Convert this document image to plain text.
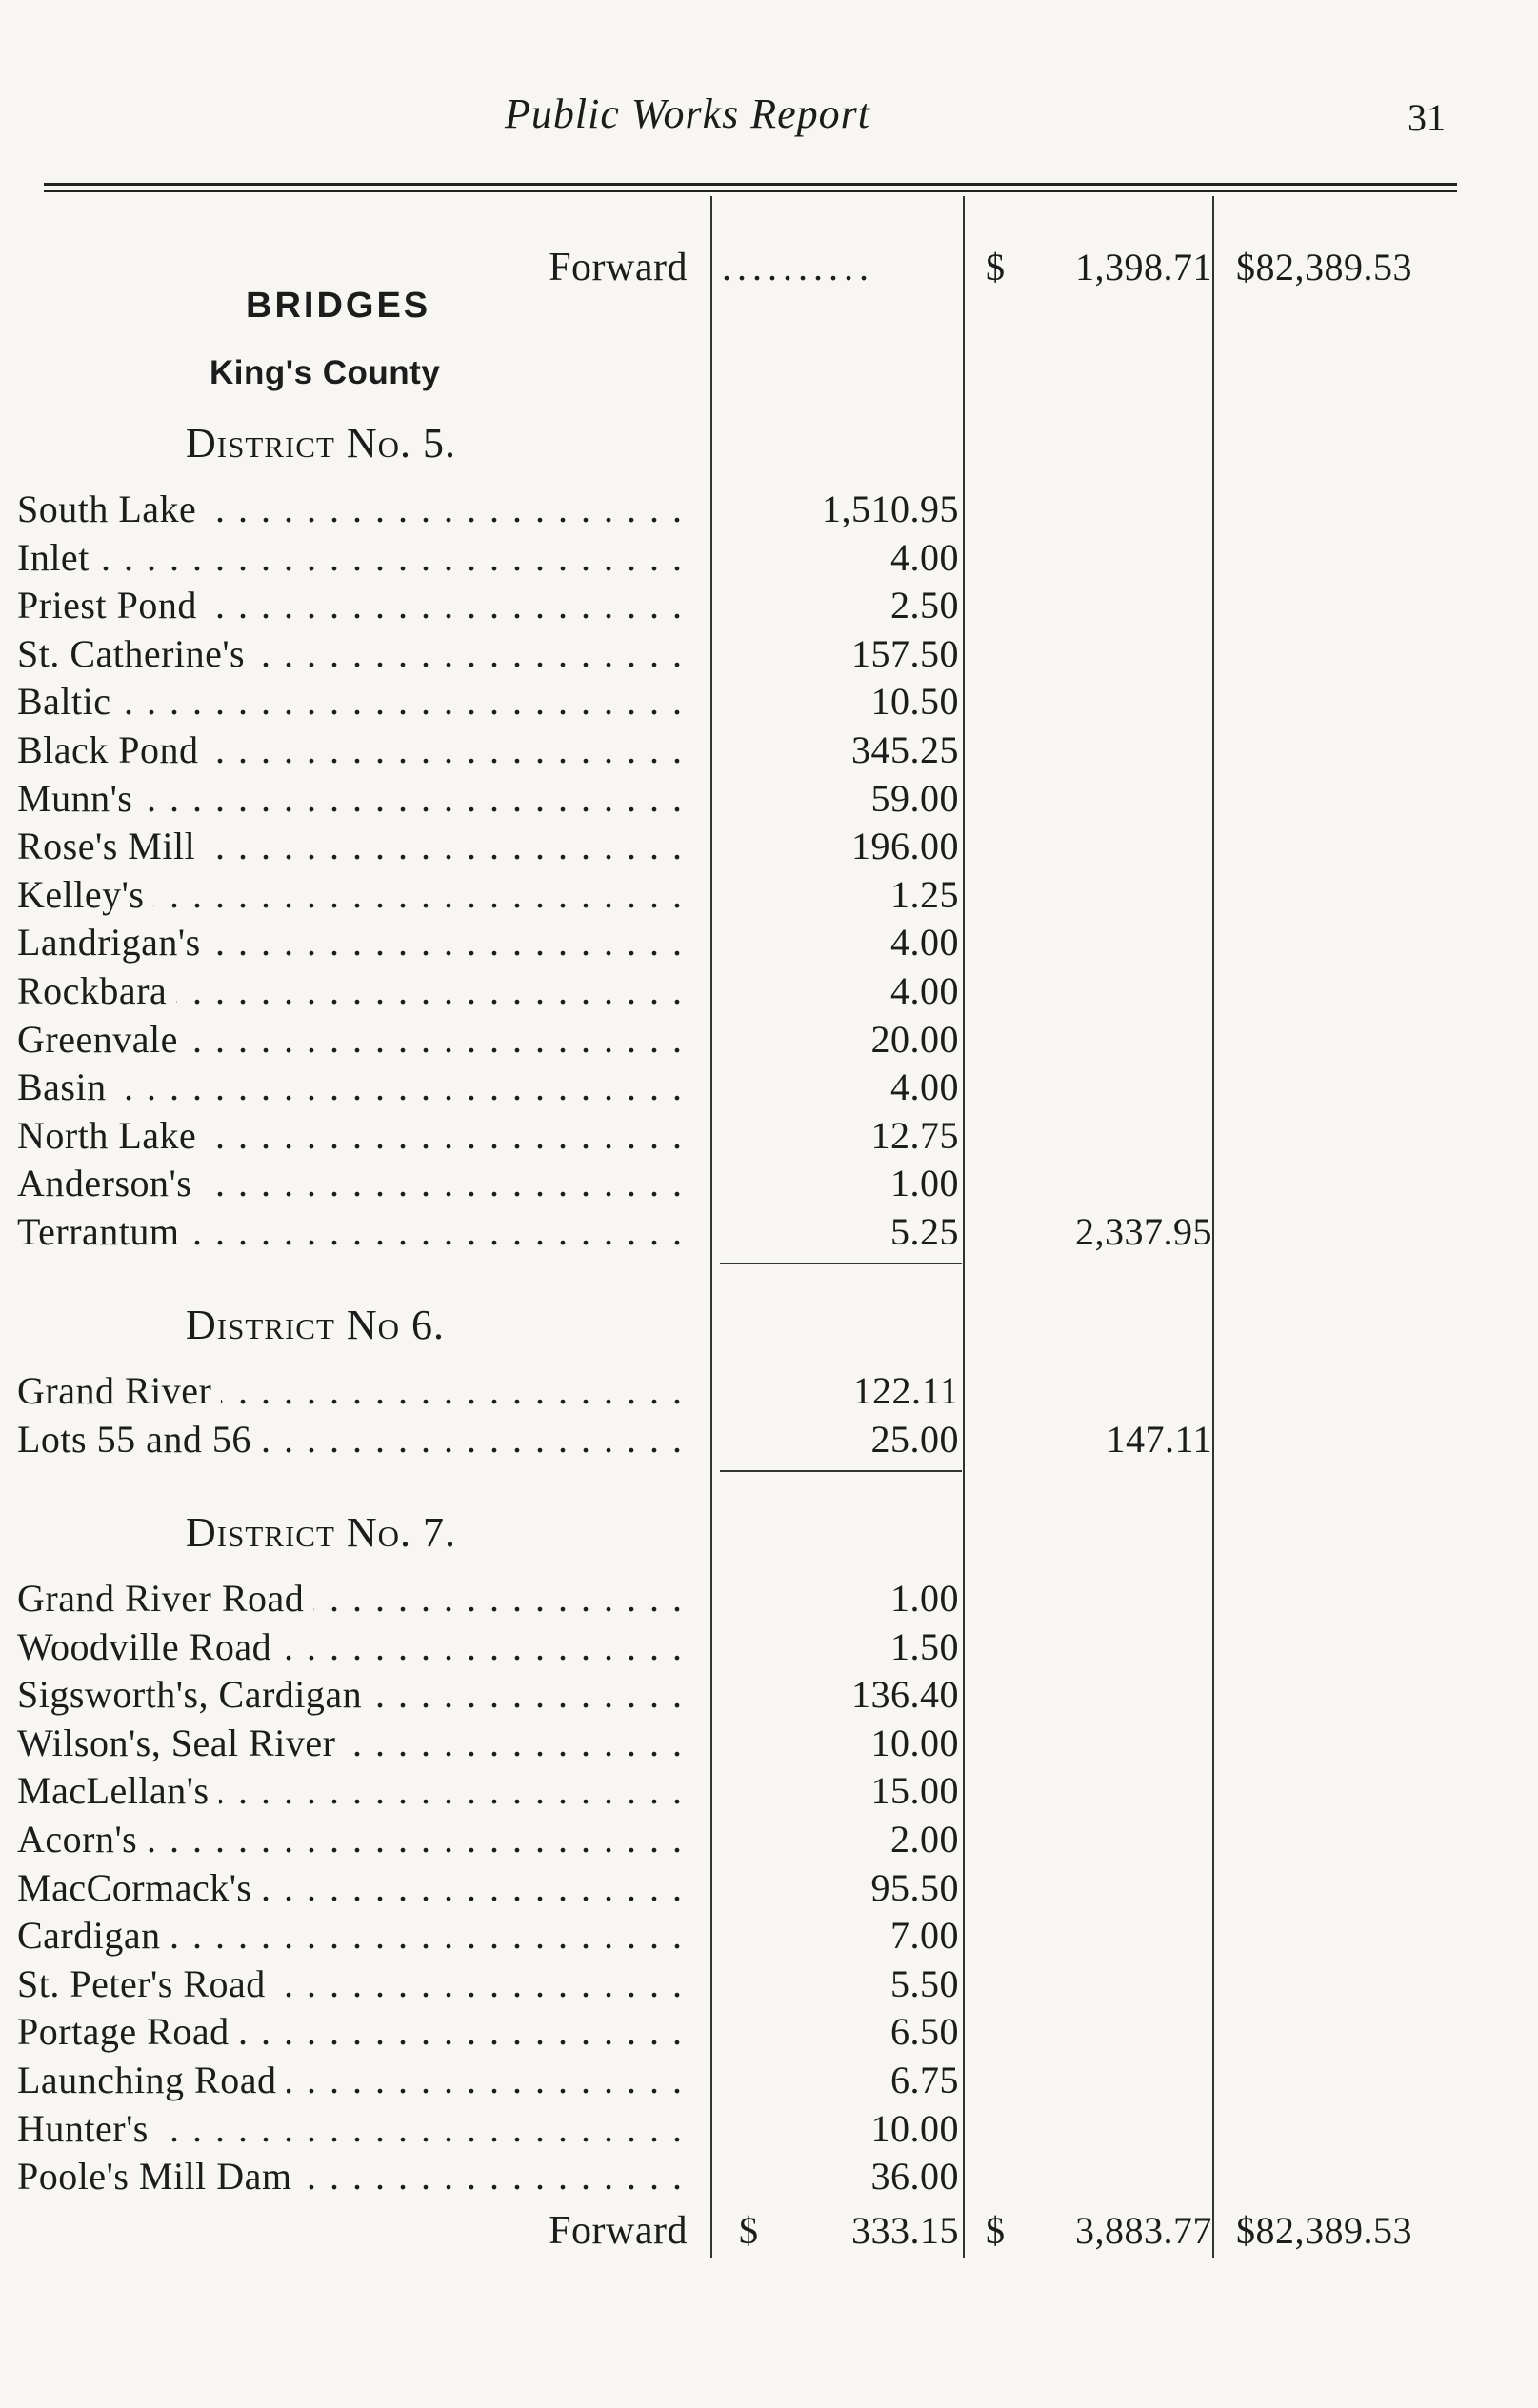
Public Works Report	31
Forward ..........	$ 1,398.71 $82,389.53
BRIDGES
King's County
District No. 5.
South Lake . . .	1,510.95
Inlet . . .	4.00
Priest Pond . . .	2.50
St. Catherine's . . .	157.50
Baltic . . .	10.50
Black Pond . . .	345.25
Munn's . . .	59.00
Rose's Mill . . .	196.00
Kelley's . . .	1.25
Landrigan's . . .	4.00
Rockbara . . .	4.00
Greenvale . . .	20.00
Basin . . .	4.00
North Lake . . .	12.75
Anderson's . . .	1.00
Terrantum . . .	5.25	2,337.95
District No 6.
Grand River . . .	122.11
Lots 55 and 56 . . .	25.00	147.11
District No. 7.
Grand River Road . . .	1.00
Woodville Road . . .	1.50
Sigsworth's, Cardigan . . .	136.40
Wilson's, Seal River . . .	10.00
MacLellan's . . .	15.00
Acorn's . . .	2.00
MacCormack's . . .	95.50
Cardigan . . .	7.00
St. Peter's Road . . .	5.50
Portage Road . . .	6.50
Launching Road . . .	6.75
Hunter's . . .	10.00
Poole's Mill Dam . . .	36.00
Forward $ 333.15 $ 3,883.77 $82,389.53
